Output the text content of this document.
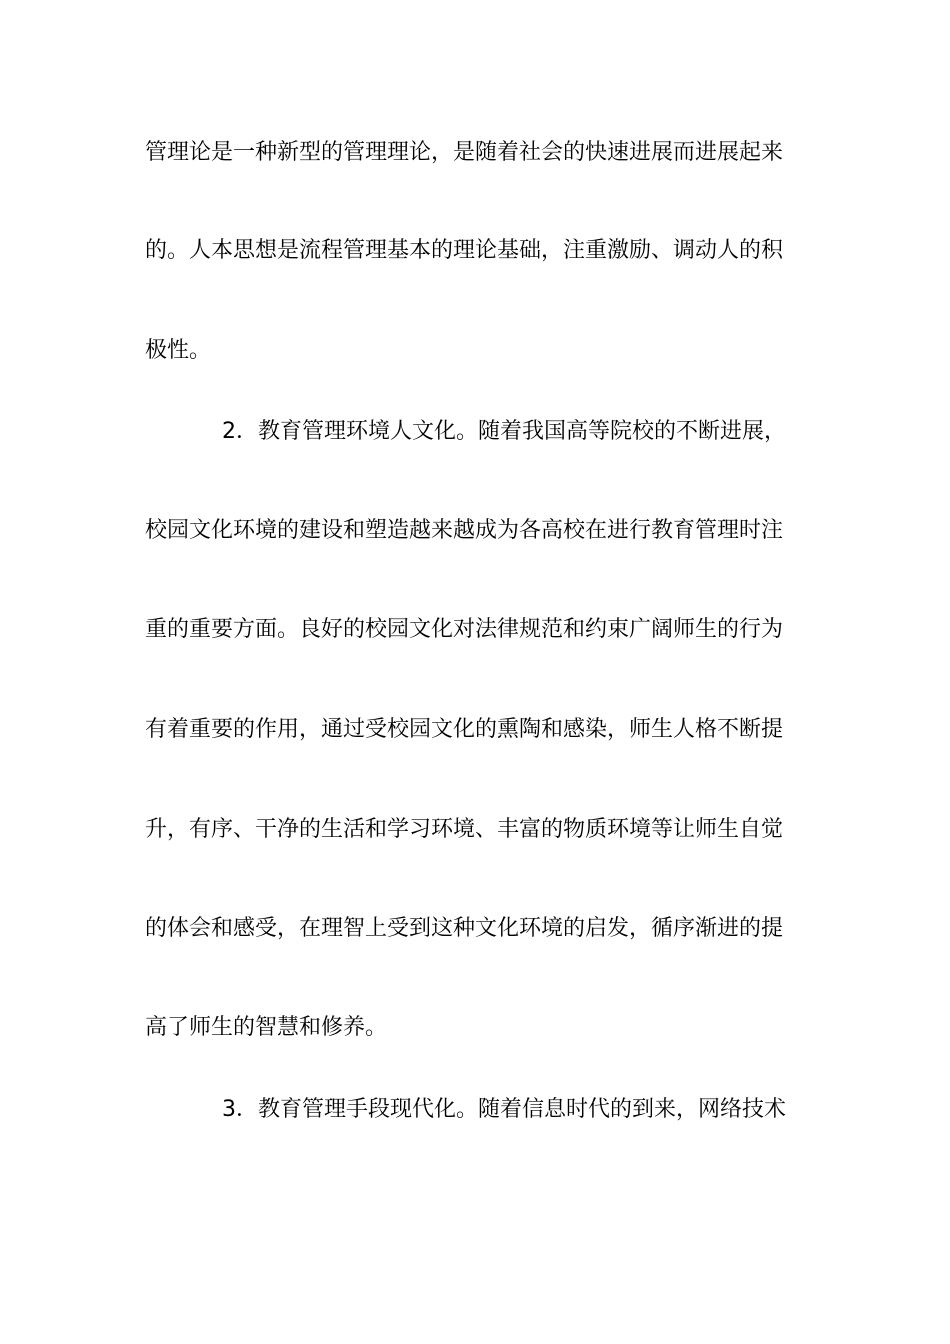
管理论是一种新型的管理理论，是随着社会的快速进展而进展起来
的。人本思想是流程管理基本的理论基础，注重激励、调动人的积
极性。
2．教育管理环境人文化。随着我国高等院校的不断进展，
校园文化环境的建设和塑造越来越成为各高校在进行教育管理时注
重的重要方面。良好的校园文化对法律规范和约束广阔师生的行为
有着重要的作用，通过受校园文化的熏陶和感染，师生人格不断提
升，有序、干净的生活和学习环境、丰富的物质环境等让师生自觉
的体会和感受，在理智上受到这种文化环境的启发，循序渐进的提
高了师生的智慧和修养。
3．教育管理手段现代化。随着信息时代的到来，网络技术
